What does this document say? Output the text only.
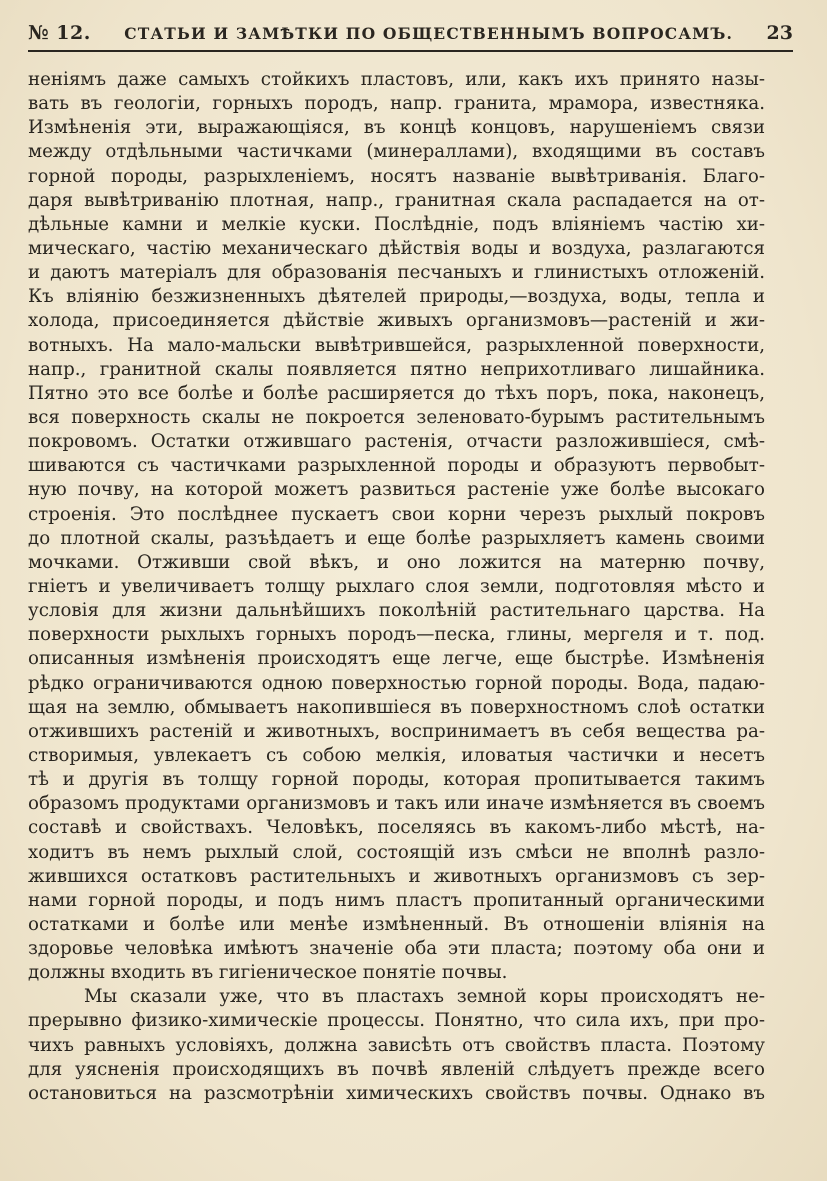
№ 12. СТАТЬИ И ЗАМѢТКИ ПО ОБЩЕСТВЕННЫМЪ ВОПРОСАМЪ. 23
неніямъ даже самыхъ стойкихъ пластовъ, или, какъ ихъ принято назы-
вать въ геологіи, горныхъ породъ, напр. гранита, мрамора, известняка.
Измѣненія эти, выражающіяся, въ концѣ концовъ, нарушеніемъ связи
между отдѣльными частичками (минераллами), входящими въ составъ
горной породы, разрыхленіемъ, носятъ названіе вывѣтриванія. Благо-
даря вывѣтриванію плотная, напр., гранитная скала распадается на от-
дѣльные камни и мелкіе куски. Послѣдніе, подъ вліяніемъ частію хи-
мическаго, частію механическаго дѣйствія воды и воздуха, разлагаются
и даютъ матеріалъ для образованія песчаныхъ и глинистыхъ отложеній.
Къ вліянію безжизненныхъ дѣятелей природы,—воздуха, воды, тепла и
холода, присоединяется дѣйствіе живыхъ организмовъ—растеній и жи-
вотныхъ. На мало-мальски вывѣтрившейся, разрыхленной поверхности,
напр., гранитной скалы появляется пятно неприхотливаго лишайника.
Пятно это все болѣе и болѣе расширяется до тѣхъ поръ, пока, наконецъ,
вся поверхность скалы не покроется зеленовато-бурымъ растительнымъ
покровомъ. Остатки отжившаго растенія, отчасти разложившіеся, смѣ-
шиваются съ частичками разрыхленной породы и образуютъ первобыт-
ную почву, на которой можетъ развиться растеніе уже болѣе высокаго
строенія. Это послѣднее пускаетъ свои корни черезъ рыхлый покровъ
до плотной скалы, разъѣдаетъ и еще болѣе разрыхляетъ камень своими
мочками. Отживши свой вѣкъ, и оно ложится на матерню почву,
гніетъ и увеличиваетъ толщу рыхлаго слоя земли, подготовляя мѣсто и
условія для жизни дальнѣйшихъ поколѣній растительнаго царства. На
поверхности рыхлыхъ горныхъ породъ—песка, глины, мергеля и т. под.
описанныя измѣненія происходятъ еще легче, еще быстрѣе. Измѣненія
рѣдко ограничиваются одною поверхностью горной породы. Вода, падаю-
щая на землю, обмываетъ накопившіеся въ поверхностномъ слоѣ остатки
отжившихъ растеній и животныхъ, воспринимаетъ въ себя вещества ра-
створимыя, увлекаетъ съ собою мелкія, иловатыя частички и несетъ
тѣ и другія въ толщу горной породы, которая пропитывается такимъ
образомъ продуктами организмовъ и такъ или иначе измѣняется въ своемъ
составѣ и свойствахъ. Человѣкъ, поселяясь въ какомъ-либо мѣстѣ, на-
ходитъ въ немъ рыхлый слой, состоящій изъ смѣси не вполнѣ разло-
жившихся остатковъ растительныхъ и животныхъ организмовъ съ зер-
нами горной породы, и подъ нимъ пластъ пропитанный органическими
остатками и болѣе или менѣе измѣненный. Въ отношеніи вліянія на
здоровье человѣка имѣютъ значеніе оба эти пласта; поэтому оба они и
должны входить въ гигіеническое понятіе почвы.
Мы сказали уже, что въ пластахъ земной коры происходятъ не-
прерывно физико-химическіе процессы. Понятно, что сила ихъ, при про-
чихъ равныхъ условіяхъ, должна зависѣть отъ свойствъ пласта. Поэтому
для уясненія происходящихъ въ почвѣ явленій слѣдуетъ прежде всего
остановиться на разсмотрѣніи химическихъ свойствъ почвы. Однако въ
